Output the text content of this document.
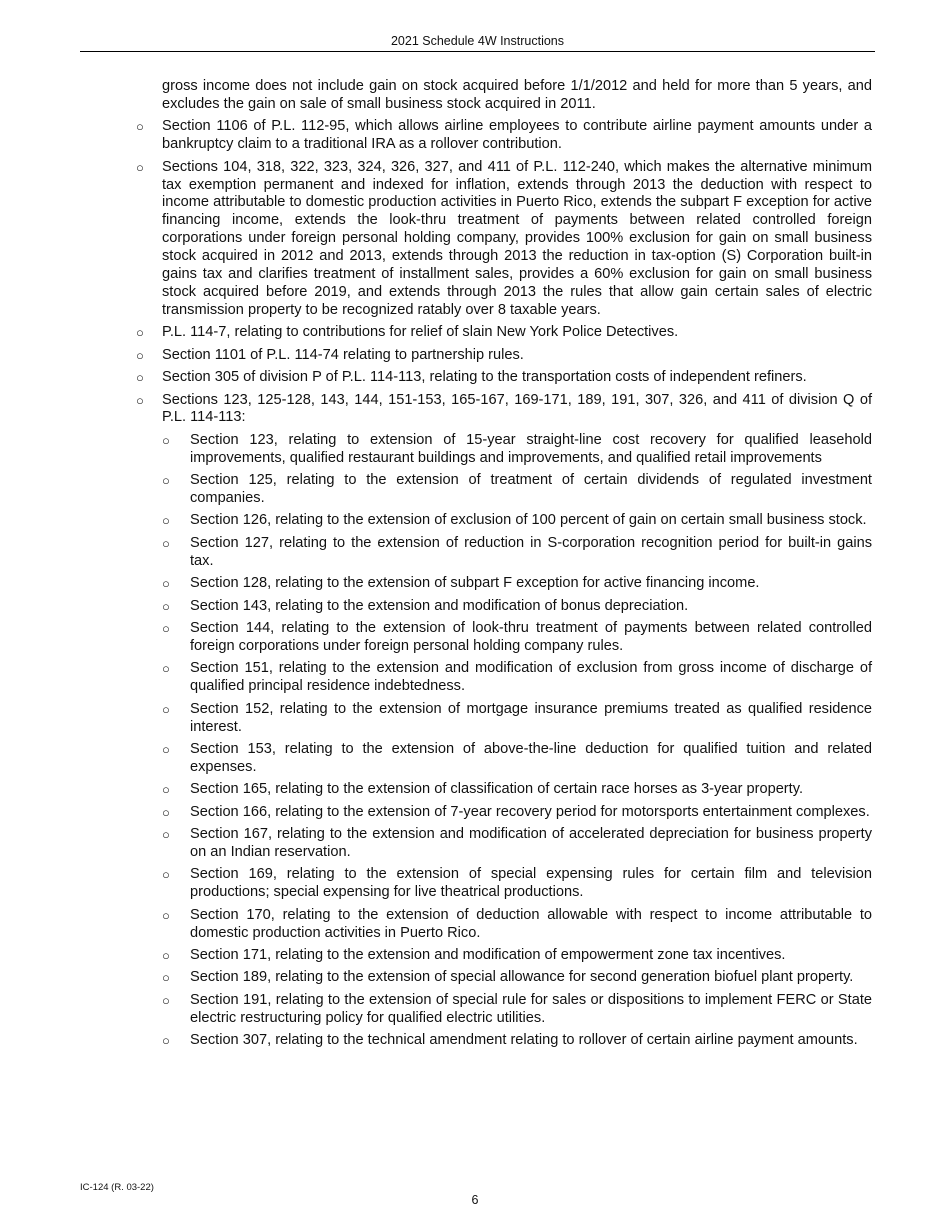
2021 Schedule 4W Instructions

gross income does not include gain on stock acquired before 1/1/2012 and held for more than 5 years, and excludes the gain on sale of small business stock acquired in 2011.

○ Section 1106 of P.L. 112-95, which allows airline employees to contribute airline payment amounts under a bankruptcy claim to a traditional IRA as a rollover contribution.
○ Sections 104, 318, 322, 323, 324, 326, 327, and 411 of P.L. 112-240, which makes the alternative minimum tax exemption permanent and indexed for inflation, extends through 2013 the deduction with respect to income attributable to domestic production activities in Puerto Rico, extends the subpart F exception for active financing income, extends the look-thru treatment of payments between related controlled foreign corporations under foreign personal holding company, provides 100% exclusion for gain on small business stock acquired in 2012 and 2013, extends through 2013 the reduction in tax-option (S) Corporation built-in gains tax and clarifies treatment of installment sales, provides a 60% exclusion for gain on small business stock acquired before 2019, and extends through 2013 the rules that allow gain certain sales of electric transmission property to be recognized ratably over 8 taxable years.
○ P.L. 114-7, relating to contributions for relief of slain New York Police Detectives.
○ Section 1101 of P.L. 114-74 relating to partnership rules.
○ Section 305 of division P of P.L. 114-113, relating to the transportation costs of independent refiners.
○ Sections 123, 125-128, 143, 144, 151-153, 165-167, 169-171, 189, 191, 307, 326, and 411 of division Q of P.L. 114-113:
○ Section 123, relating to extension of 15-year straight-line cost recovery for qualified leasehold improvements, qualified restaurant buildings and improvements, and qualified retail improvements
○ Section 125, relating to the extension of treatment of certain dividends of regulated investment companies.
○ Section 126, relating to the extension of exclusion of 100 percent of gain on certain small business stock.
○ Section 127, relating to the extension of reduction in S-corporation recognition period for built-in gains tax.
○ Section 128, relating to the extension of subpart F exception for active financing income.
○ Section 143, relating to the extension and modification of bonus depreciation.
○ Section 144, relating to the extension of look-thru treatment of payments between related controlled foreign corporations under foreign personal holding company rules.
○ Section 151, relating to the extension and modification of exclusion from gross income of discharge of qualified principal residence indebtedness.
○ Section 152, relating to the extension of mortgage insurance premiums treated as qualified residence interest.
○ Section 153, relating to the extension of above-the-line deduction for qualified tuition and related expenses.
○ Section 165, relating to the extension of classification of certain race horses as 3-year property.
○ Section 166, relating to the extension of 7-year recovery period for motorsports entertainment complexes.
○ Section 167, relating to the extension and modification of accelerated depreciation for business property on an Indian reservation.
○ Section 169, relating to the extension of special expensing rules for certain film and television productions; special expensing for live theatrical productions.
○ Section 170, relating to the extension of deduction allowable with respect to income attributable to domestic production activities in Puerto Rico.
○ Section 171, relating to the extension and modification of empowerment zone tax incentives.
○ Section 189, relating to the extension of special allowance for second generation biofuel plant property.
○ Section 191, relating to the extension of special rule for sales or dispositions to implement FERC or State electric restructuring policy for qualified electric utilities.
○ Section 307, relating to the technical amendment relating to rollover of certain airline payment amounts.
IC-124 (R. 03-22)
6
